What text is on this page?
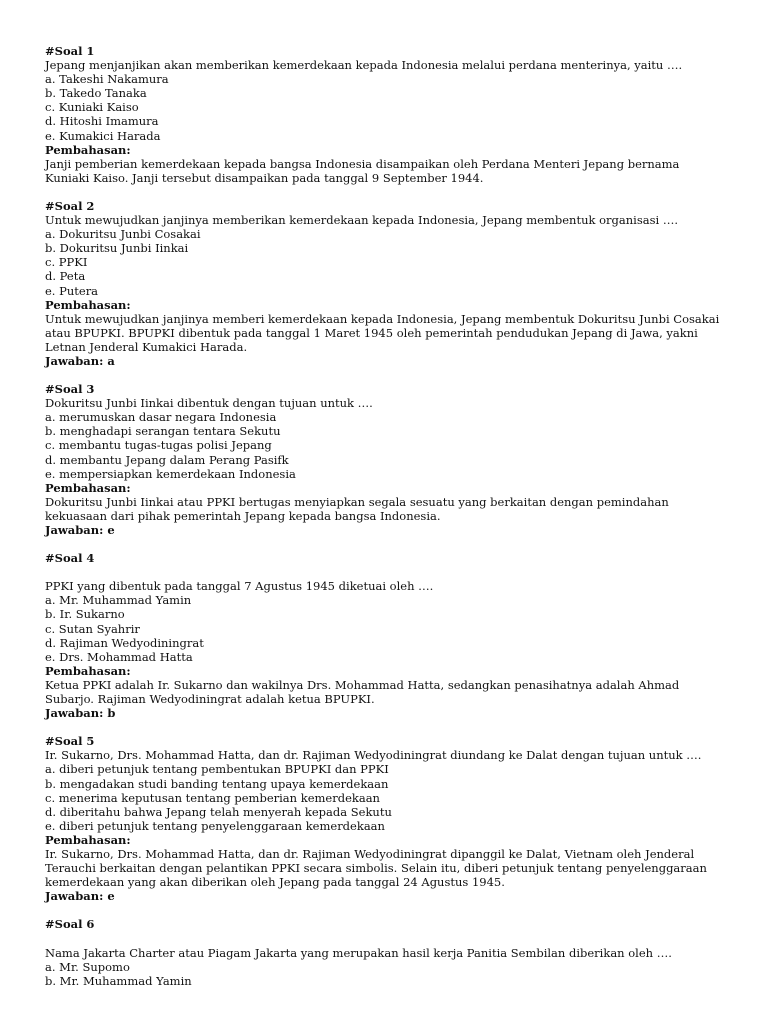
#Soal 1
Jepang menjanjikan akan memberikan kemerdekaan kepada Indonesia melalui perdana menterinya, yaitu ….
a. Takeshi Nakamura
b. Takedo Tanaka
c. Kuniaki Kaiso
d. Hitoshi Imamura
e. Kumakici Harada
Pembahasan:
Janji pemberian kemerdekaan kepada bangsa Indonesia disampaikan oleh Perdana Menteri Jepang bernama Kuniaki Kaiso. Janji tersebut disampaikan pada tanggal 9 September 1944.
#Soal 2
Untuk mewujudkan janjinya memberikan kemerdekaan kepada Indonesia, Jepang membentuk organisasi ….
a. Dokuritsu Junbi Cosakai
b. Dokuritsu Junbi Iinkai
c. PPKI
d. Peta
e. Putera
Pembahasan:
Untuk mewujudkan janjinya memberi kemerdekaan kepada Indonesia, Jepang membentuk Dokuritsu Junbi Cosakai atau BPUPKI. BPUPKI dibentuk pada tanggal 1 Maret 1945 oleh pemerintah pendudukan Jepang di Jawa, yakni Letnan Jenderal Kumakici Harada.
Jawaban: a
#Soal 3
Dokuritsu Junbi Iinkai dibentuk dengan tujuan untuk ….
a. merumuskan dasar negara Indonesia
b. menghadapi serangan tentara Sekutu
c. membantu tugas-tugas polisi Jepang
d. membantu Jepang dalam Perang Pasifk
e. mempersiapkan kemerdekaan Indonesia
Pembahasan:
Dokuritsu Junbi Iinkai atau PPKI bertugas menyiapkan segala sesuatu yang berkaitan dengan pemindahan kekuasaan dari pihak pemerintah Jepang kepada bangsa Indonesia.
Jawaban: e
#Soal 4
PPKI yang dibentuk pada tanggal 7 Agustus 1945 diketuai oleh ….
a. Mr. Muhammad Yamin
b. Ir. Sukarno
c. Sutan Syahrir
d. Rajiman Wedyodiningrat
e. Drs. Mohammad Hatta
Pembahasan:
Ketua PPKI adalah Ir. Sukarno dan wakilnya Drs. Mohammad Hatta, sedangkan penasihatnya adalah Ahmad Subarjo. Rajiman Wedyodiningrat adalah ketua BPUPKI.
Jawaban: b
#Soal 5
Ir. Sukarno, Drs. Mohammad Hatta, dan dr. Rajiman Wedyodiningrat diundang ke Dalat dengan tujuan untuk ….
a. diberi petunjuk tentang pembentukan BPUPKI dan PPKI
b. mengadakan studi banding tentang upaya kemerdekaan
c. menerima keputusan tentang pemberian kemerdekaan
d. diberitahu bahwa Jepang telah menyerah kepada Sekutu
e. diberi petunjuk tentang penyelenggaraan kemerdekaan
Pembahasan:
Ir. Sukarno, Drs. Mohammad Hatta, dan dr. Rajiman Wedyodiningrat dipanggil ke Dalat, Vietnam oleh Jenderal Terauchi berkaitan dengan pelantikan PPKI secara simbolis. Selain itu, diberi petunjuk tentang penyelenggaraan kemerdekaan yang akan diberikan oleh Jepang pada tanggal 24 Agustus 1945.
Jawaban: e
#Soal 6
Nama Jakarta Charter atau Piagam Jakarta yang merupakan hasil kerja Panitia Sembilan diberikan oleh ….
a. Mr. Supomo
b. Mr. Muhammad Yamin
